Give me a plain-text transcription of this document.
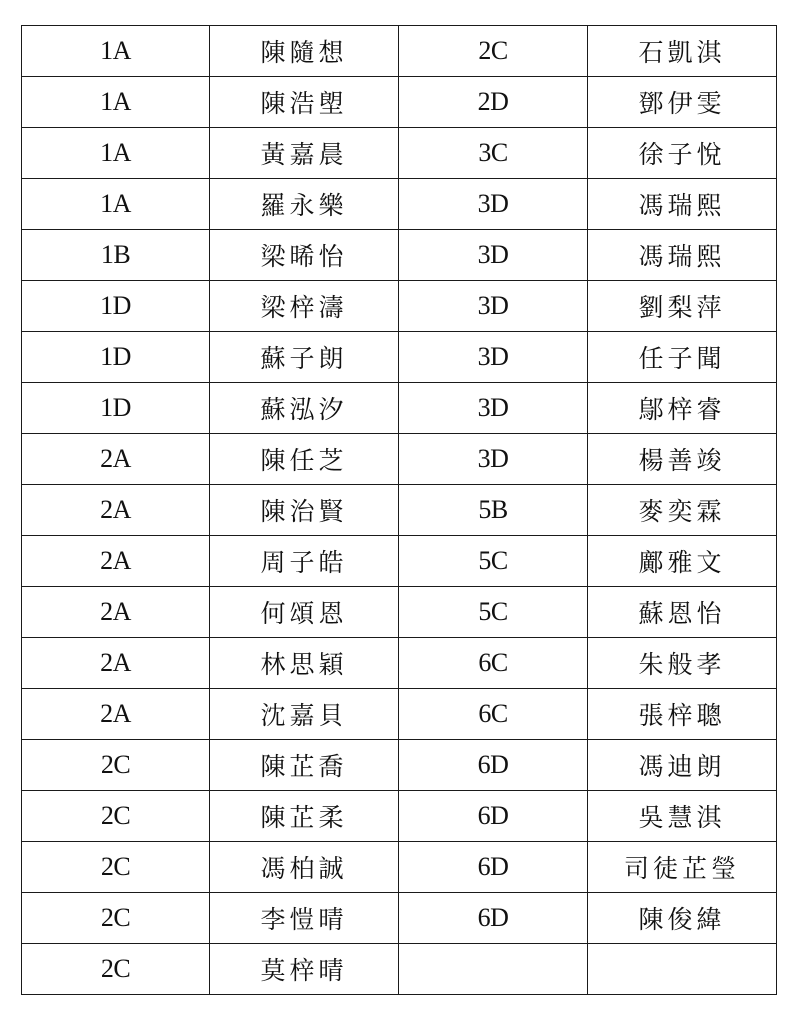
1A	陳隨想	2C	石凱淇
1A	陳浩塱	2D	鄧伊雯
1A	黃嘉晨	3C	徐子悅
1A	羅永樂	3D	馮瑞熙
1B	梁晞怡	3D	馮瑞熙
1D	梁梓濤	3D	劉梨萍
1D	蘇子朗	3D	任子聞
1D	蘇泓汐	3D	鄔梓睿
2A	陳任芝	3D	楊善竣
2A	陳治賢	5B	麥奕霖
2A	周子皓	5C	鄺雅文
2A	何頌恩	5C	蘇恩怡
2A	林思穎	6C	朱般孝
2A	沈嘉貝	6C	張梓聰
2C	陳芷喬	6D	馮迪朗
2C	陳芷柔	6D	吳慧淇
2C	馮柏誠	6D	司徒芷瑩
2C	李愷晴	6D	陳俊緯
2C	莫梓晴		
